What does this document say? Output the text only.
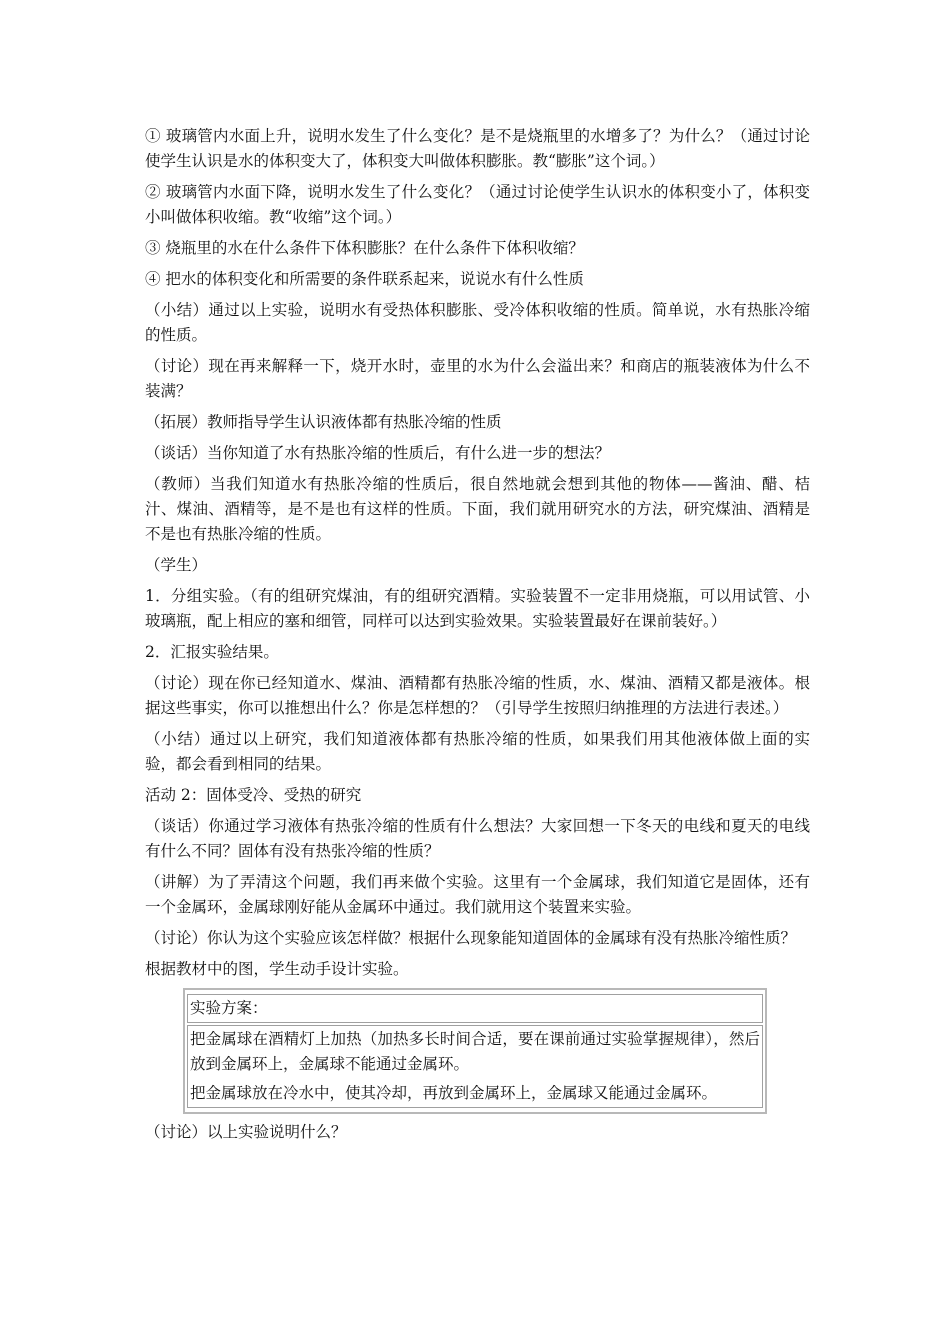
① 玻璃管内水面上升，说明水发生了什么变化？是不是烧瓶里的水增多了？为什么？（通过讨论使学生认识是水的体积变大了，体积变大叫做体积膨胀。教“膨胀”这个词。）

② 玻璃管内水面下降，说明水发生了什么变化？（通过讨论使学生认识水的体积变小了，体积变小叫做体积收缩。教“收缩”这个词。）

③ 烧瓶里的水在什么条件下体积膨胀？在什么条件下体积收缩？

④ 把水的体积变化和所需要的条件联系起来，说说水有什么性质

（小结）通过以上实验，说明水有受热体积膨胀、受冷体积收缩的性质。简单说，水有热胀冷缩的性质。

（讨论）现在再来解释一下，烧开水时，壶里的水为什么会溢出来？和商店的瓶装液体为什么不装满？

（拓展）教师指导学生认识液体都有热胀冷缩的性质

（谈话）当你知道了水有热胀冷缩的性质后，有什么进一步的想法？

（教师）当我们知道水有热胀冷缩的性质后，很自然地就会想到其他的物体——酱油、醋、桔汁、煤油、酒精等，是不是也有这样的性质。下面，我们就用研究水的方法，研究煤油、酒精是不是也有热胀冷缩的性质。

（学生）

1．分组实验。（有的组研究煤油，有的组研究酒精。实验装置不一定非用烧瓶，可以用试管、小玻璃瓶，配上相应的塞和细管，同样可以达到实验效果。实验装置最好在课前装好。）

2．汇报实验结果。

（讨论）现在你已经知道水、煤油、酒精都有热胀冷缩的性质，水、煤油、酒精又都是液体。根据这些事实，你可以推想出什么？你是怎样想的？（引导学生按照归纳推理的方法进行表述。）

（小结）通过以上研究，我们知道液体都有热胀冷缩的性质，如果我们用其他液体做上面的实验，都会看到相同的结果。

活动 2：固体受冷、受热的研究

（谈话）你通过学习液体有热张冷缩的性质有什么想法？大家回想一下冬天的电线和夏天的电线有什么不同？固体有没有热张冷缩的性质？

（讲解）为了弄清这个问题，我们再来做个实验。这里有一个金属球，我们知道它是固体，还有一个金属环，金属球刚好能从金属环中通过。我们就用这个装置来实验。

（讨论）你认为这个实验应该怎样做？根据什么现象能知道固体的金属球有没有热胀冷缩性质？

根据教材中的图，学生动手设计实验。

实验方案：

把金属球在酒精灯上加热（加热多长时间合适，要在课前通过实验掌握规律），然后放到金属环上，金属球不能通过金属环。

把金属球放在冷水中，使其冷却，再放到金属环上，金属球又能通过金属环。

（讨论）以上实验说明什么？
